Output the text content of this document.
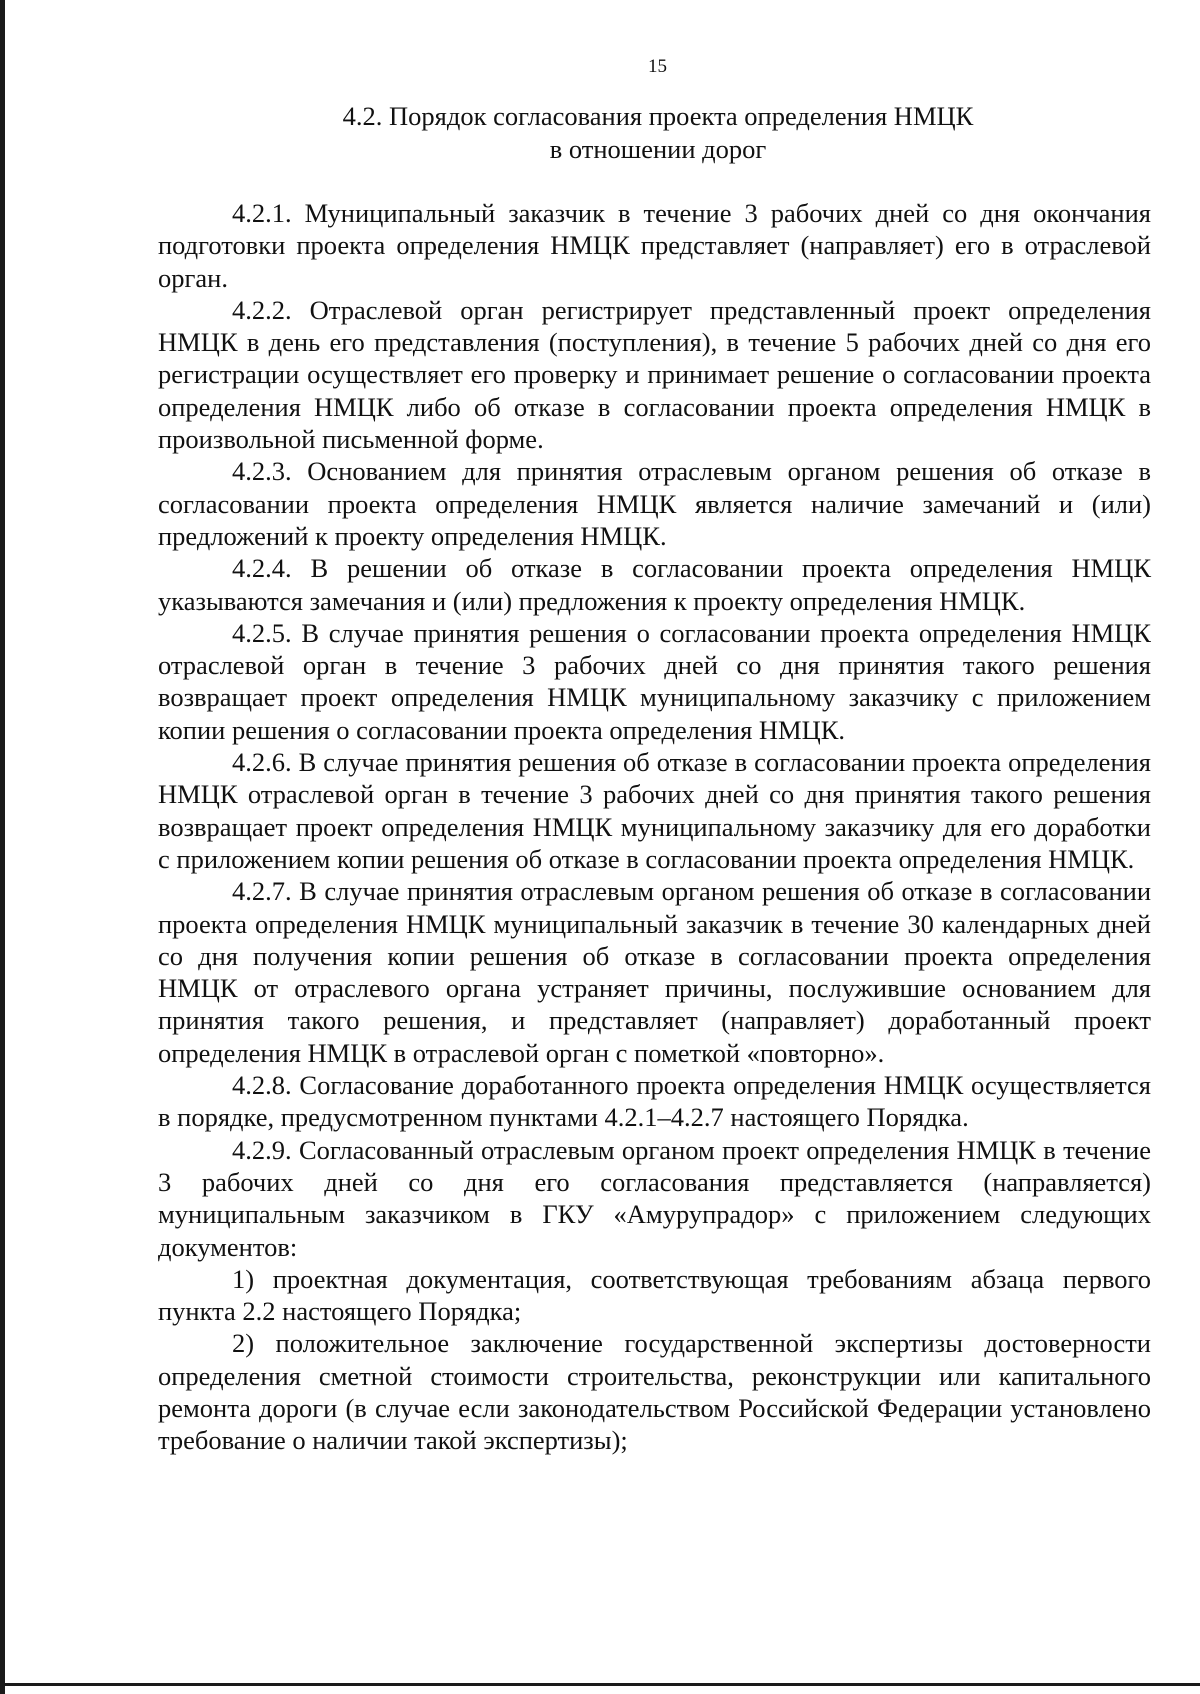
15
4.2. Порядок согласования проекта определения НМЦК
в отношении дорог

4.2.1. Муниципальный заказчик в течение 3 рабочих дней со дня окончания подготовки проекта определения НМЦК представляет (направляет) его в отраслевой орган.

4.2.2. Отраслевой орган регистрирует представленный проект определения НМЦК в день его представления (поступления), в течение 5 рабочих дней со дня его регистрации осуществляет его проверку и принимает решение о согласовании проекта определения НМЦК либо об отказе в согласовании проекта определения НМЦК в произвольной письменной форме.

4.2.3. Основанием для принятия отраслевым органом решения об отказе в согласовании проекта определения НМЦК является наличие замечаний и (или) предложений к проекту определения НМЦК.

4.2.4. В решении об отказе в согласовании проекта определения НМЦК указываются замечания и (или) предложения к проекту определения НМЦК.

4.2.5. В случае принятия решения о согласовании проекта определения НМЦК отраслевой орган в течение 3 рабочих дней со дня принятия такого решения возвращает проект определения НМЦК муниципальному заказчику с приложением копии решения о согласовании проекта определения НМЦК.

4.2.6. В случае принятия решения об отказе в согласовании проекта определения НМЦК отраслевой орган в течение 3 рабочих дней со дня принятия такого решения возвращает проект определения НМЦК муниципальному заказчику для его доработки с приложением копии решения об отказе в согласовании проекта определения НМЦК.

4.2.7. В случае принятия отраслевым органом решения об отказе в согласовании проекта определения НМЦК муниципальный заказчик в течение 30 календарных дней со дня получения копии решения об отказе в согласовании проекта определения НМЦК от отраслевого органа устраняет причины, послужившие основанием для принятия такого решения, и представляет (направляет) доработанный проект определения НМЦК в отраслевой орган с пометкой «повторно».

4.2.8. Согласование доработанного проекта определения НМЦК осуществляется в порядке, предусмотренном пунктами 4.2.1–4.2.7 настоящего Порядка.

4.2.9. Согласованный отраслевым органом проект определения НМЦК в течение 3 рабочих дней со дня его согласования представляется (направляется) муниципальным заказчиком в ГКУ «Амурупрадор» с приложением следующих документов:

1) проектная документация, соответствующая требованиям абзаца первого пункта 2.2 настоящего Порядка;

2) положительное заключение государственной экспертизы достоверности определения сметной стоимости строительства, реконструкции или капитального ремонта дороги (в случае если законодательством Российской Федерации установлено требование о наличии такой экспертизы);
